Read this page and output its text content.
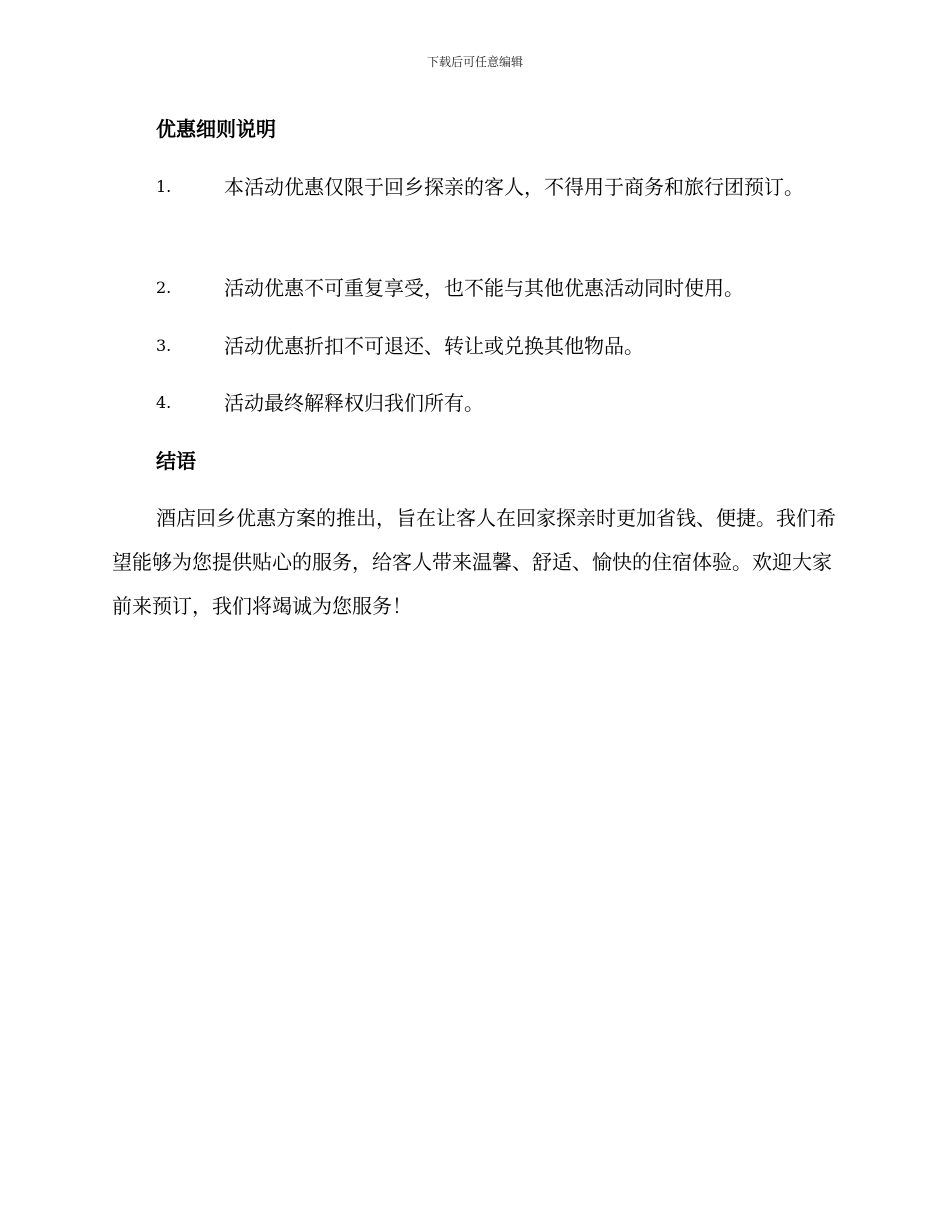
下载后可任意编辑
优惠细则说明
1.	本活动优惠仅限于回乡探亲的客人，不得用于商务和旅行团预订。
2.	活动优惠不可重复享受，也不能与其他优惠活动同时使用。
3.	活动优惠折扣不可退还、转让或兑换其他物品。
4.	活动最终解释权归我们所有。
结语
酒店回乡优惠方案的推出，旨在让客人在回家探亲时更加省钱、便捷。我们希望能够为您提供贴心的服务，给客人带来温馨、舒适、愉快的住宿体验。欢迎大家前来预订，我们将竭诚为您服务！
